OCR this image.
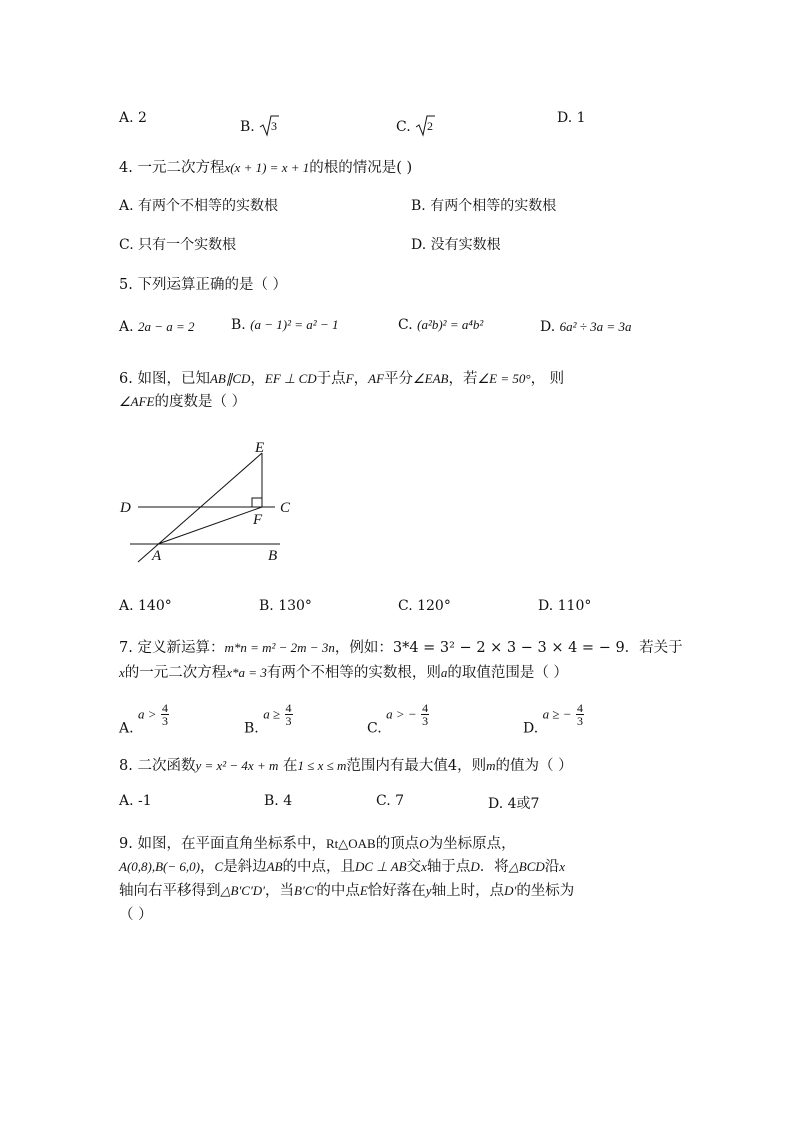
A. 2
B. 3	C. 2	D. 1
4. 一元二次方程x(x + 1) = x + 1的根的情况是( )
A. 有两个不相等的实数根	B. 有两个相等的实数根
C. 只有一个实数根	D. 没有实数根
5. 下列运算正确的是（ ）
A. 2a − a = 2	B. (a − 1)² = a² − 1	C. (a²b)² = a⁴b²	D. 6a² ÷ 3a = 3a
6. 如图，已知AB∥CD，EF ⊥ CD于点F，AF平分∠EAB，若∠E = 50°， 则
∠AFE的度数是（ ）
E
D	C
F
A	B
A. 140°	B. 130°	C. 120°	D. 110°
7. 定义新运算：m*n = m² − 2m − 3n，例如：3*4 = 3² − 2 × 3 − 3 × 4 = − 9．若关于
x的一元二次方程x*a = 3有两个不相等的实数根，则a的取值范围是（ ）
A. $a > \frac{4}{3}$
B. $a \ge \frac{4}{3}$
C. a > − $\frac{4}{3}$
D. a ≥ − $\frac{4}{3}$
8. 二次函数y = x² − 4x + m 在1 ≤ x ≤ m范围内有最大值4，则m的值为（ ）
A. -1	B. 4	C. 7	D. 4或7
9. 如图，在平面直角坐标系中，Rt△OAB的顶点O为坐标原点，
A(0,8),B(− 6,0)，C是斜边AB的中点，且DC ⊥ AB交x轴于点D．将△BCD沿x
轴向右平移得到△B′C′D′，当B′C′的中点E恰好落在y轴上时，点D′的坐标为
（ ）
